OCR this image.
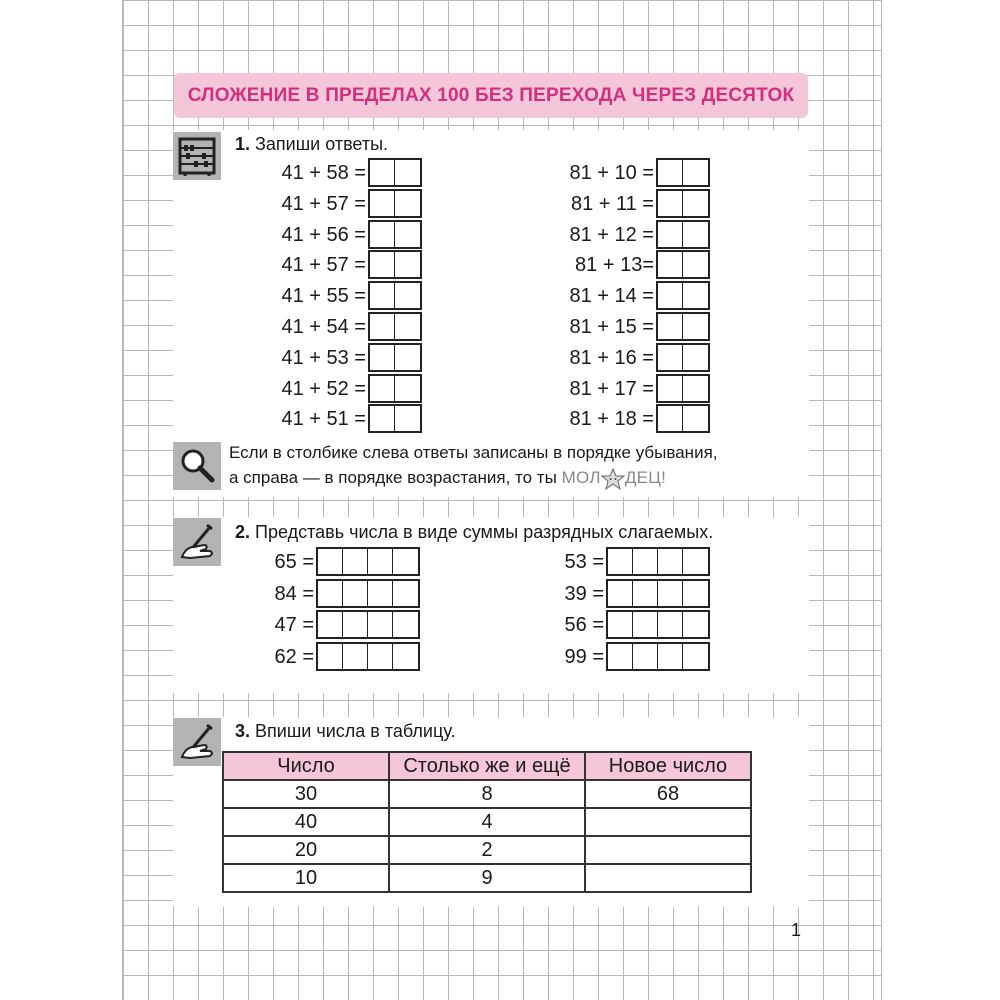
СЛОЖЕНИЕ В ПРЕДЕЛАХ 100 БЕЗ ПЕРЕХОДА ЧЕРЕЗ ДЕСЯТОК
1. Запиши ответы.
41 + 58 =
41 + 57 =
41 + 56 =
41 + 57 =
41 + 55 =
41 + 54 =
41 + 53 =
41 + 52 =
41 + 51 =
81 + 10 =
81 + 11 =
81 + 12 =
81 + 13=
81 + 14 =
81 + 15 =
81 + 16 =
81 + 17 =
81 + 18 =
Если в столбике слева ответы записаны в порядке убывания,
а справа — в порядке возрастания, то ты МОЛ ДЕЦ!
2. Представь числа в виде суммы разрядных слагаемых.
65 =
84 =
47 =
62 =
53 =
39 =
56 =
99 =
3. Впиши числа в таблицу.
Число	Столько же и ещё	Новое число
30	8	68
40	4	
20	2	
10	9	
1
